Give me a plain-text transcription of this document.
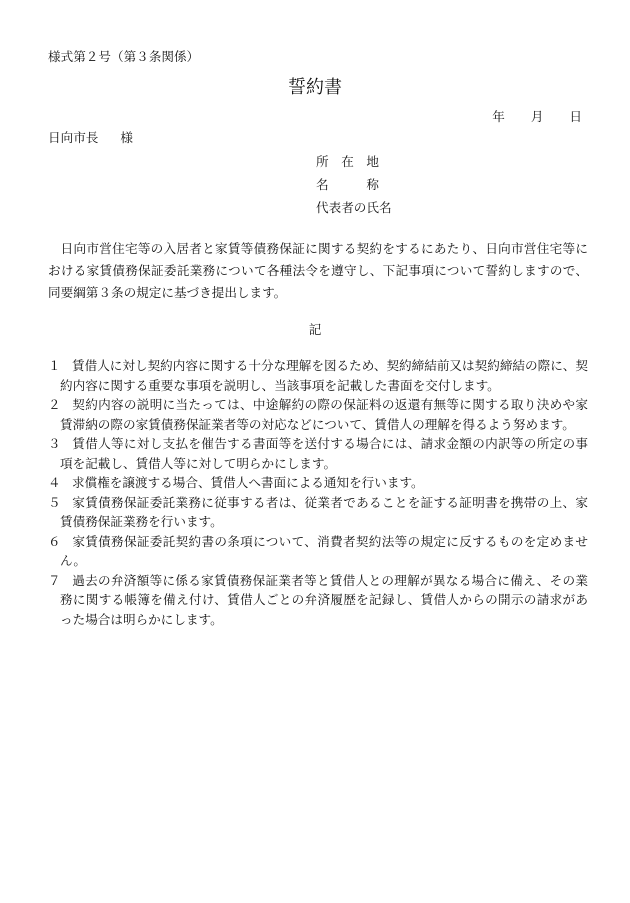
様式第２号（第３条関係）
誓約書
年 月 日
日向市長 様
所　在　地
名　　　称
代表者の氏名
日向市営住宅等の入居者と家賃等債務保証に関する契約をするにあたり、日向市営住宅等における家賃債務保証委託業務について各種法令を遵守し、下記事項について誓約しますので、同要綱第３条の規定に基づき提出します。
記
１ 賃借人に対し契約内容に関する十分な理解を図るため、契約締結前又は契約締結の際に、契約内容に関する重要な事項を説明し、当該事項を記載した書面を交付します。
２ 契約内容の説明に当たっては、中途解約の際の保証料の返還有無等に関する取り決めや家賃滞納の際の家賃債務保証業者等の対応などについて、賃借人の理解を得るよう努めます。
３ 賃借人等に対し支払を催告する書面等を送付する場合には、請求金額の内訳等の所定の事項を記載し、賃借人等に対して明らかにします。
４ 求償権を譲渡する場合、賃借人へ書面による通知を行います。
５ 家賃債務保証委託業務に従事する者は、従業者であることを証する証明書を携帯の上、家賃債務保証業務を行います。
６ 家賃債務保証委託契約書の条項について、消費者契約法等の規定に反するものを定めません。
７ 過去の弁済額等に係る家賃債務保証業者等と賃借人との理解が異なる場合に備え、その業務に関する帳簿を備え付け、賃借人ごとの弁済履歴を記録し、賃借人からの開示の請求があった場合は明らかにします。
